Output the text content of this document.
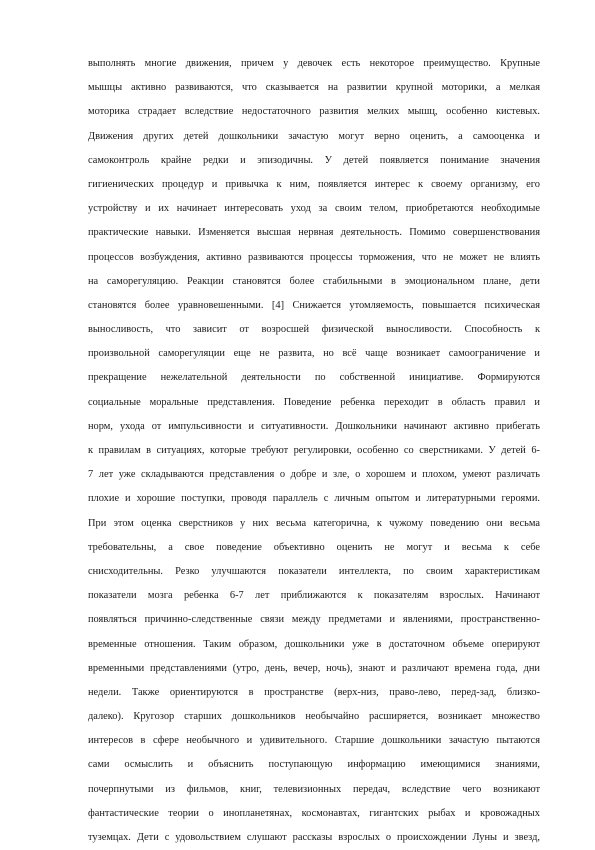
выполнять многие движения, причем у девочек есть некоторое преимущество. Крупные
мышцы активно развиваются, что сказывается на развитии крупной моторики, а мелкая
моторика страдает вследствие недостаточного развития мелких мышц, особенно кистевых.
Движения других детей дошкольники зачастую могут верно оценить, а самооценка и
самоконтроль крайне редки и эпизодичны. У детей появляется понимание значения
гигиенических процедур и привычка к ним, появляется интерес к своему организму, его
устройству и их начинает интересовать уход за своим телом, приобретаются необходимые
практические навыки. Изменяется высшая нервная деятельность. Помимо совершенствования
процессов возбуждения, активно развиваются процессы торможения, что не может не влиять
на саморегуляцию. Реакции становятся более стабильными в эмоциональном плане, дети
становятся более уравновешенными. [4] Снижается утомляемость, повышается психическая
выносливость, что зависит от возросшей физической выносливости. Способность к
произвольной саморегуляции еще не развита, но всё чаще возникает самоограничение и
прекращение нежелательной деятельности по собственной инициативе. Формируются
социальные моральные представления. Поведение ребенка переходит в область правил и
норм, ухода от импульсивности и ситуативности. Дошкольники начинают активно прибегать
к правилам в ситуациях, которые требуют регулировки, особенно со сверстниками. У детей 6-
7 лет уже складываются представления о добре и зле, о хорошем и плохом, умеют различать
плохие и хорошие поступки, проводя параллель с личным опытом и литературными героями.
При этом оценка сверстников у них весьма категорична, к чужому поведению они весьма
требовательны, а свое поведение объективно оценить не могут и весьма к себе
снисходительны. Резко улучшаются показатели интеллекта, по своим характеристикам
показатели мозга ребенка 6-7 лет приближаются к показателям взрослых. Начинают
появляться причинно-следственные связи между предметами и явлениями, пространственно-
временные отношения. Таким образом, дошкольники уже в достаточном объеме оперируют
временными представлениями (утро, день, вечер, ночь), знают и различают времена года, дни
недели. Также ориентируются в пространстве (верх-низ, право-лево, перед-зад, близко-
далеко). Кругозор старших дошкольников необычайно расширяется, возникает множество
интересов в сфере необычного и удивительного. Старшие дошкольники зачастую пытаются
сами осмыслить и объяснить поступающую информацию имеющимися знаниями,
почерпнутыми из фильмов, книг, телевизионных передач, вследствие чего возникают
фантастические теории о инопланетянах, космонавтах, гигантских рыбах и кровожадных
туземцах. Дети с удовольствием слушают рассказы взрослых о происхождении Луны и звезд,
